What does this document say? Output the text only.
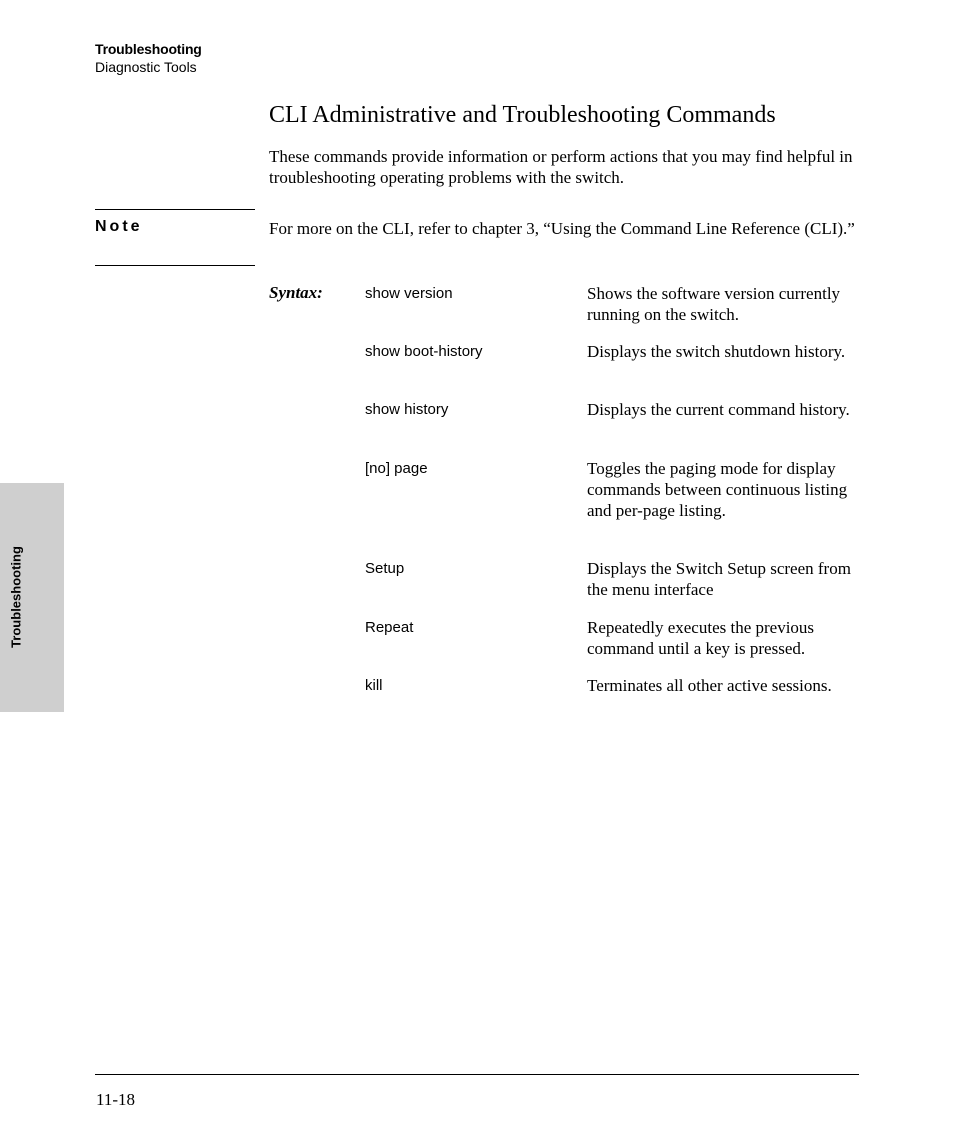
Troubleshooting
Diagnostic Tools
Troubleshooting
CLI Administrative and Troubleshooting Commands
These commands provide information or perform actions that you may find helpful in troubleshooting operating problems with the switch.
Note	For more on the CLI, refer to chapter 3, “Using the Command Line Reference (CLI).”
Syntax:	show version	Shows the software version currently running on the switch.
show boot-history	Displays the switch shutdown history.
show history	Displays the current command history.
[no] page	Toggles the paging mode for display commands between continuous listing and per-page listing.
Setup	Displays the Switch Setup screen from the menu interface
Repeat	Repeatedly executes the previous command until a key is pressed.
kill	Terminates all other active sessions.
11-18
